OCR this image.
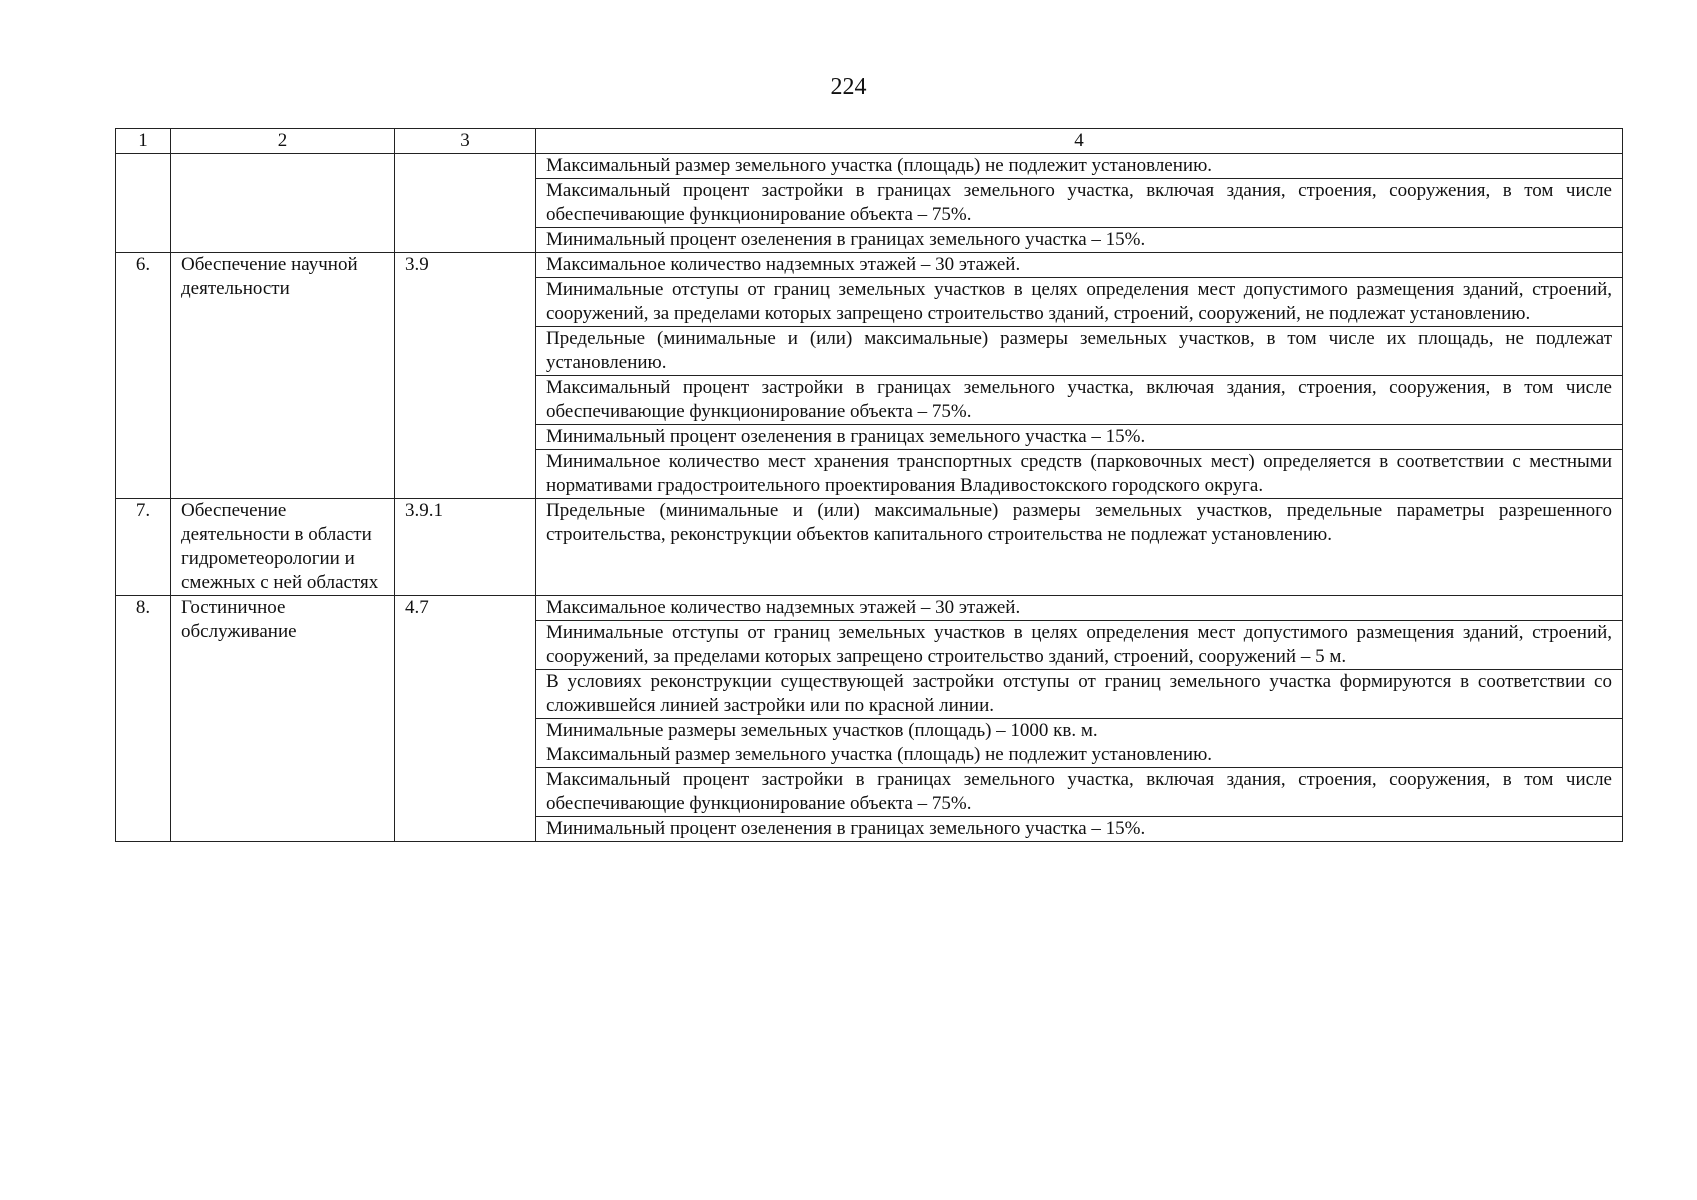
224
1	2	3	4
			Максимальный размер земельного участка (площадь) не подлежит установлению.
			Максимальный процент застройки в границах земельного участка, включая здания, строения, сооружения, в том числе обеспечивающие функционирование объекта – 75%.
			Минимальный процент озеленения в границах земельного участка – 15%.
6.	Обеспечение научной деятельности	3.9	Максимальное количество надземных этажей – 30 этажей.
			Минимальные отступы от границ земельных участков в целях определения мест допустимого размещения зданий, строений, сооружений, за пределами которых запрещено строительство зданий, строений, сооружений, не подлежат установлению.
			Предельные (минимальные и (или) максимальные) размеры земельных участков, в том числе их площадь, не подлежат установлению.
			Максимальный процент застройки в границах земельного участка, включая здания, строения, сооружения, в том числе обеспечивающие функционирование объекта – 75%.
			Минимальный процент озеленения в границах земельного участка – 15%.
			Минимальное количество мест хранения транспортных средств (парковочных мест) определяется в соответствии с местными нормативами градостроительного проектирования Владивостокского городского округа.
7.	Обеспечение деятельности в области гидрометеорологии и смежных с ней областях	3.9.1	Предельные (минимальные и (или) максимальные) размеры земельных участков, предельные параметры разрешенного строительства, реконструкции объектов капитального строительства не подлежат установлению.
8.	Гостиничное обслуживание	4.7	Максимальное количество надземных этажей – 30 этажей.
			Минимальные отступы от границ земельных участков в целях определения мест допустимого размещения зданий, строений, сооружений, за пределами которых запрещено строительство зданий, строений, сооружений – 5 м.
			В условиях реконструкции существующей застройки отступы от границ земельного участка формируются в соответствии со сложившейся линией застройки или по красной линии.
			Минимальные размеры земельных участков (площадь) – 1000 кв. м.
Максимальный размер земельного участка (площадь) не подлежит установлению.
			Максимальный процент застройки в границах земельного участка, включая здания, строения, сооружения, в том числе обеспечивающие функционирование объекта – 75%.
			Минимальный процент озеленения в границах земельного участка – 15%.
